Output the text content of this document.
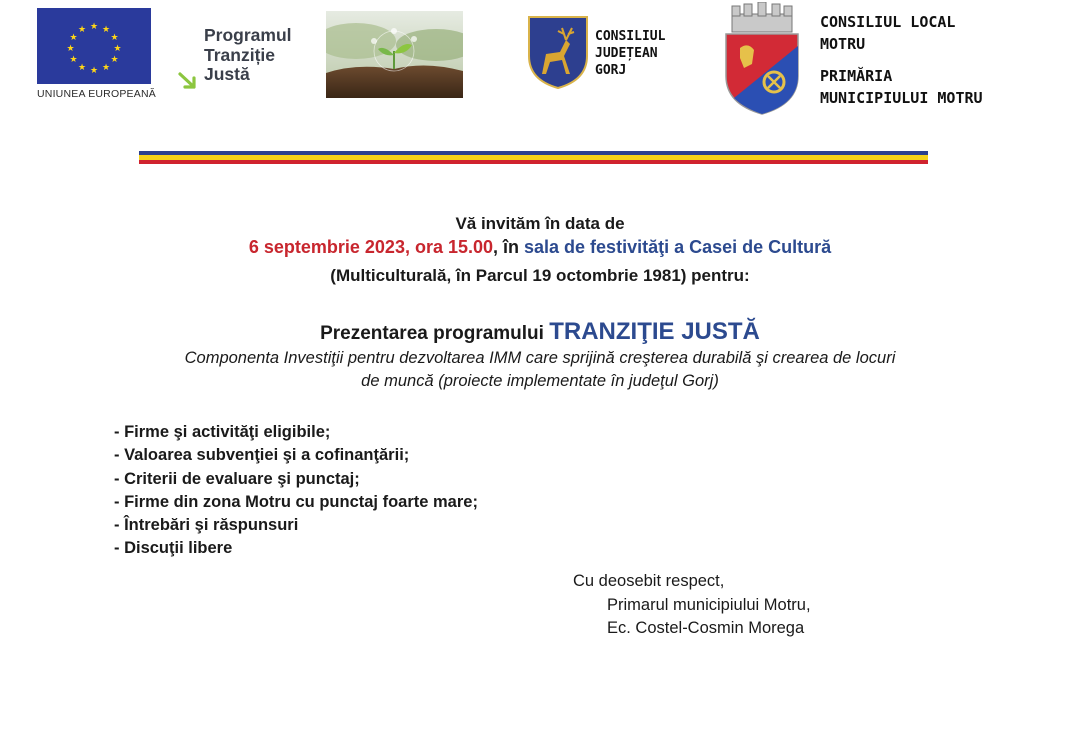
★ ★
★
★
★
★
★
★
★
★
★
★
UNIUNEA EUROPEANĂ
Programul
Tranziție
Justă
CONSILIUL
JUDEȚEAN
GORJ
CONSILIUL LOCAL
MOTRU
PRIMĂRIA
MUNICIPIULUI MOTRU
Vă invităm în data de
6 septembrie 2023, ora 15.00, în sala de festivităţi a Casei de Cultură
(Multiculturală, în Parcul 19 octombrie 1981) pentru:
Prezentarea programului TRANZIŢIE JUSTĂ
Componenta Investiţii pentru dezvoltarea IMM care sprijină creşterea durabilă şi crearea de locuri
de muncă (proiecte implementate în judeţul Gorj)
- Firme şi activităţi eligibile;
- Valoarea subvenţiei şi a cofinanţării;
- Criterii de evaluare şi punctaj;
- Firme din zona Motru cu punctaj foarte mare;
- Întrebări şi răspunsuri
- Discuţii libere
Cu deosebit respect,
Primarul municipiului Motru,
Ec. Costel-Cosmin Morega
